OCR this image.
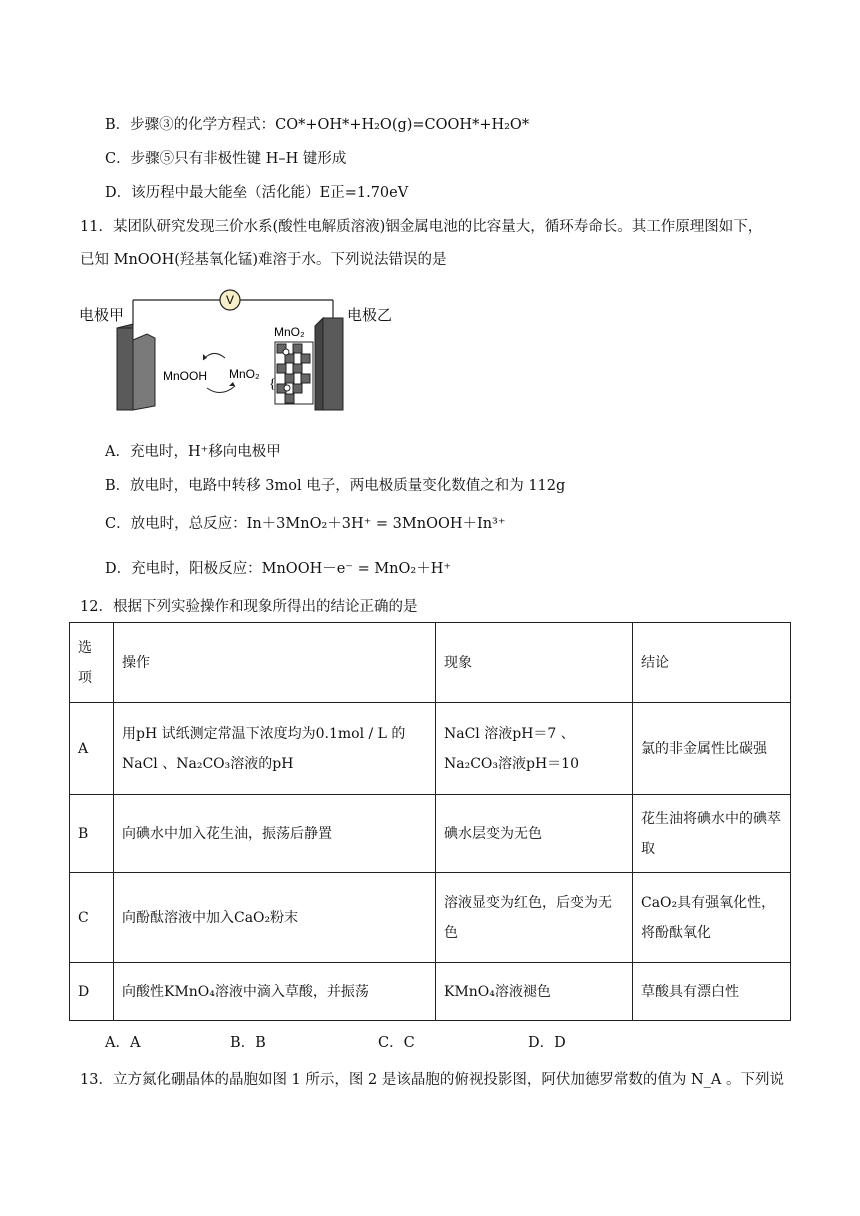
B．步骤③的化学方程式：CO*+OH*+H₂O(g)=COOH*+H₂O*
C．步骤⑤只有非极性键 H–H 键形成
D．该历程中最大能垒（活化能）E正=1.70eV
11．某团队研究发现三价水系(酸性电解质溶液)铟金属电池的比容量大，循环寿命长。其工作原理图如下，
已知 MnOOH(羟基氧化锰)难溶于水。下列说法错误的是
V
{
MnO₂
MnOOH MnO₂
电极甲	电极乙
A．充电时，H⁺移向电极甲
B．放电时，电路中转移 3mol 电子，两电极质量变化数值之和为 112g
C．放电时，总反应：In＋3MnO₂＋3H⁺ = 3MnOOH＋In³⁺
D．充电时，阳极反应：MnOOH－e⁻ = MnO₂＋H⁺
12．根据下列实验操作和现象所得出的结论正确的是
选项	操作	现象	结论
A	用pH 试纸测定常温下浓度均为0.1mol / L 的NaCl 、Na₂CO₃溶液的pH	NaCl 溶液pH＝7 、Na₂CO₃溶液pH＝10	氯的非金属性比碳强
B	向碘水中加入花生油，振荡后静置	碘水层变为无色	花生油将碘水中的碘萃取
C	向酚酞溶液中加入CaO₂粉末	溶液显变为红色，后变为无色	CaO₂具有强氧化性，将酚酞氧化
D	向酸性KMnO₄溶液中滴入草酸，并振荡	KMnO₄溶液褪色	草酸具有漂白性
A．A	B．B	C．C	D．D
13．立方氮化硼晶体的晶胞如图 1 所示，图 2 是该晶胞的俯视投影图，阿伏加德罗常数的值为 N_A 。下列说
